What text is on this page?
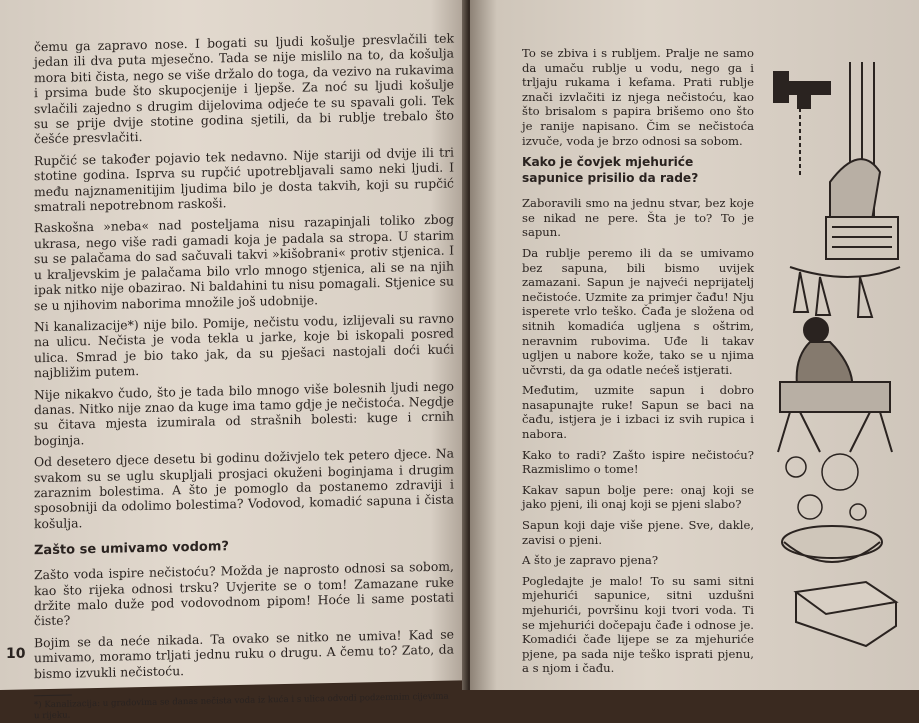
čemu ga zapravo nose. I bogati su ljudi košulje presvlačili tek jedan ili dva puta mjesečno. Tada se nije mislilo na to, da košulja mora biti čista, nego se više držalo do toga, da vezivo na rukavima i prsima bude što skupocjenije i ljepše. Za noć su ljudi košulje svlačili zajedno s drugim dijelovima odjeće te su spavali goli. Tek su se prije dvije stotine godina sjetili, da bi rublje trebalo što češće presvlačiti.

Rupčić se također pojavio tek nedavno. Nije stariji od dvije ili tri stotine godina. Isprva su rupčić upotrebljavali samo neki ljudi. I među najznamenitijim ljudima bilo je dosta takvih, koji su rupčić smatrali nepotrebnom raskoši.

Raskošna »neba« nad posteljama nisu razapinjali toliko zbog ukrasa, nego više radi gamadi koja je padala sa stropa. U starim su se palačama do sad sačuvali takvi »kišobrani« protiv stjenica. I u kraljevskim je palačama bilo vrlo mnogo stjenica, ali se na njih ipak nitko nije obazirao. Ni baldahini tu nisu pomagali. Stjenice su se u njihovim naborima množile još udobnije.

Ni kanalizacije*) nije bilo. Pomije, nečistu vodu, izlijevali su ravno na ulicu. Nečista je voda tekla u jarke, koje bi iskopali posred ulica. Smrad je bio tako jak, da su pješaci nastojali doći kući najbližim putem.

Nije nikakvo čudo, što je tada bilo mnogo više bolesnih ljudi nego danas. Nitko nije znao da kuge ima tamo gdje je nečistoća. Negdje su čitava mjesta izumirala od strašnih bolesti: kuge i crnih boginja.

Od desetero djece desetu bi godinu doživjelo tek petero djece. Na svakom su se uglu skupljali prosjaci okuženi boginjama i drugim zaraznim bolestima. A što je pomoglo da postanemo zdraviji i sposobniji da odolimo bolestima? Vodovod, komadić sapuna i čista košulja.

Zašto se umivamo vodom?

Zašto voda ispire nečistoću? Možda je naprosto odnosi sa sobom, kao što rijeka odnosi trsku? Uvjerite se o tom! Zamazane ruke držite malo duže pod vodovodnom pipom! Hoće li same postati čiste?

Bojim se da neće nikada. Ta ovako se nitko ne umiva! Kad se umivamo, moramo trljati jednu ruku o drugu. A čemu to? Zato, da bismo izvukli nečistoću.

*) Kanalizacija: u gradovima se danas nečista voda iz kuća i s ulica odvodi podzemnim cijevima u rijeku.
10

To se zbiva i s rubljem. Pralje ne samo da umaču rublje u vodu, nego ga i trljaju rukama i kefama. Prati rublje znači izvlačiti iz njega nečistoću, kao što brisalom s papira brišemo ono što je ranije napisano. Čim se nečistoća izvuče, voda je brzo odnosi sa sobom.

Kako je čovjek mjehuriće sapunice prisilio da rade?

Zaboravili smo na jednu stvar, bez koje se nikad ne pere. Šta je to? To je sapun.

Da rublje peremo ili da se umivamo bez sapuna, bili bismo uvijek zamazani. Sapun je najveći neprijatelj nečistoće. Uzmite za primjer čađu! Nju isperete vrlo teško. Čađa je složena od sitnih komadića ugljena s oštrim, neravnim rubovima. Uđe li takav ugljen u nabore kože, tako se u njima učvrsti, da ga odatle nećeš istjerati.

Međutim, uzmite sapun i dobro nasapunajte ruke! Sapun se baci na čađu, istjera je i izbaci iz svih rupica i nabora.

Kako to radi? Zašto ispire nečistoću? Razmislimo o tome!

Kakav sapun bolje pere: onaj koji se jako pjeni, ili onaj koji se pjeni slabo?

Sapun koji daje više pjene. Sve, dakle, zavisi o pjeni.

A što je zapravo pjena?

Pogledajte je malo! To su sami sitni mjehurići sapunice, sitni uzdušni mjehurići, površinu koji tvori voda. Ti se mjehurići dočepaju čađe i odnose je. Komadići čađe lijepe se za mjehuriće pjene, pa sada nije teško isprati pjenu, a s njom i čađu.
